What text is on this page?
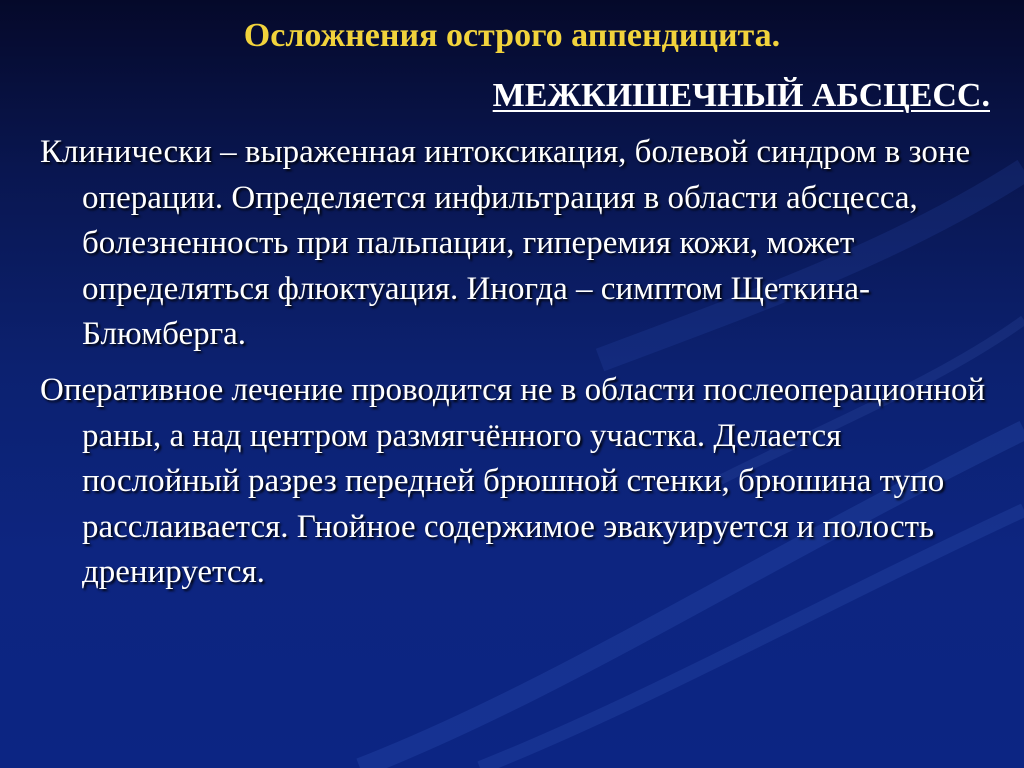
Осложнения острого аппендицита.
МЕЖКИШЕЧНЫЙ АБСЦЕСС.

Клинически – выраженная интоксикация, болевой синдром в зоне операции. Определяется инфильтрация в области абсцесса, болезненность при пальпации, гиперемия кожи, может определяться флюктуация. Иногда – симптом Щеткина-Блюмберга.

Оперативное лечение проводится не в области послеоперационной раны, а над центром размягчённого участка. Делается послойный разрез передней брюшной стенки, брюшина тупо расслаивается. Гнойное содержимое эвакуируется и полость дренируется.
